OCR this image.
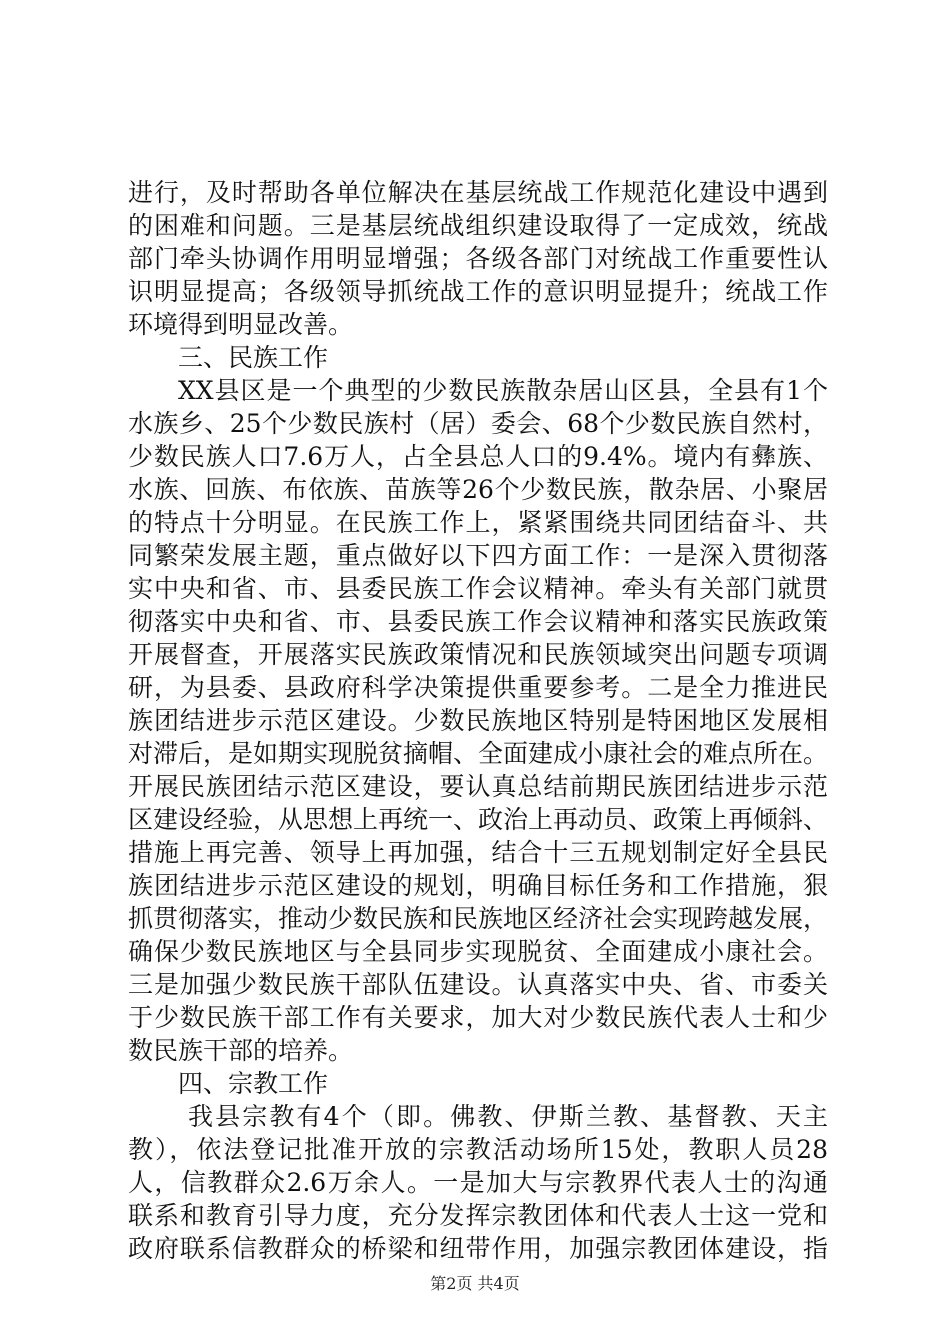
进行，及时帮助各单位解决在基层统战工作规范化建设中遇到
的困难和问题。三是基层统战组织建设取得了一定成效，统战
部门牵头协调作用明显增强；各级各部门对统战工作重要性认
识明显提高；各级领导抓统战工作的意识明显提升；统战工作
环境得到明显改善。
三、民族工作
XX县区是一个典型的少数民族散杂居山区县，全县有1个
水族乡、25个少数民族村（居）委会、68个少数民族自然村，
少数民族人口7.6万人，占全县总人口的9.4%。境内有彝族、
水族、回族、布依族、苗族等26个少数民族，散杂居、小聚居
的特点十分明显。在民族工作上，紧紧围绕共同团结奋斗、共
同繁荣发展主题，重点做好以下四方面工作：一是深入贯彻落
实中央和省、市、县委民族工作会议精神。牵头有关部门就贯
彻落实中央和省、市、县委民族工作会议精神和落实民族政策
开展督查，开展落实民族政策情况和民族领域突出问题专项调
研，为县委、县政府科学决策提供重要参考。二是全力推进民
族团结进步示范区建设。少数民族地区特别是特困地区发展相
对滞后，是如期实现脱贫摘帽、全面建成小康社会的难点所在。
开展民族团结示范区建设，要认真总结前期民族团结进步示范
区建设经验，从思想上再统一、政治上再动员、政策上再倾斜、
措施上再完善、领导上再加强，结合十三五规划制定好全县民
族团结进步示范区建设的规划，明确目标任务和工作措施，狠
抓贯彻落实，推动少数民族和民族地区经济社会实现跨越发展，
确保少数民族地区与全县同步实现脱贫、全面建成小康社会。
三是加强少数民族干部队伍建设。认真落实中央、省、市委关
于少数民族干部工作有关要求，加大对少数民族代表人士和少
数民族干部的培养。
四、宗教工作
我县宗教有4个（即。佛教、伊斯兰教、基督教、天主
教），依法登记批准开放的宗教活动场所15处，教职人员28
人，信教群众2.6万余人。一是加大与宗教界代表人士的沟通
联系和教育引导力度，充分发挥宗教团体和代表人士这一党和
政府联系信教群众的桥梁和纽带作用，加强宗教团体建设，指
第2页 共4页
